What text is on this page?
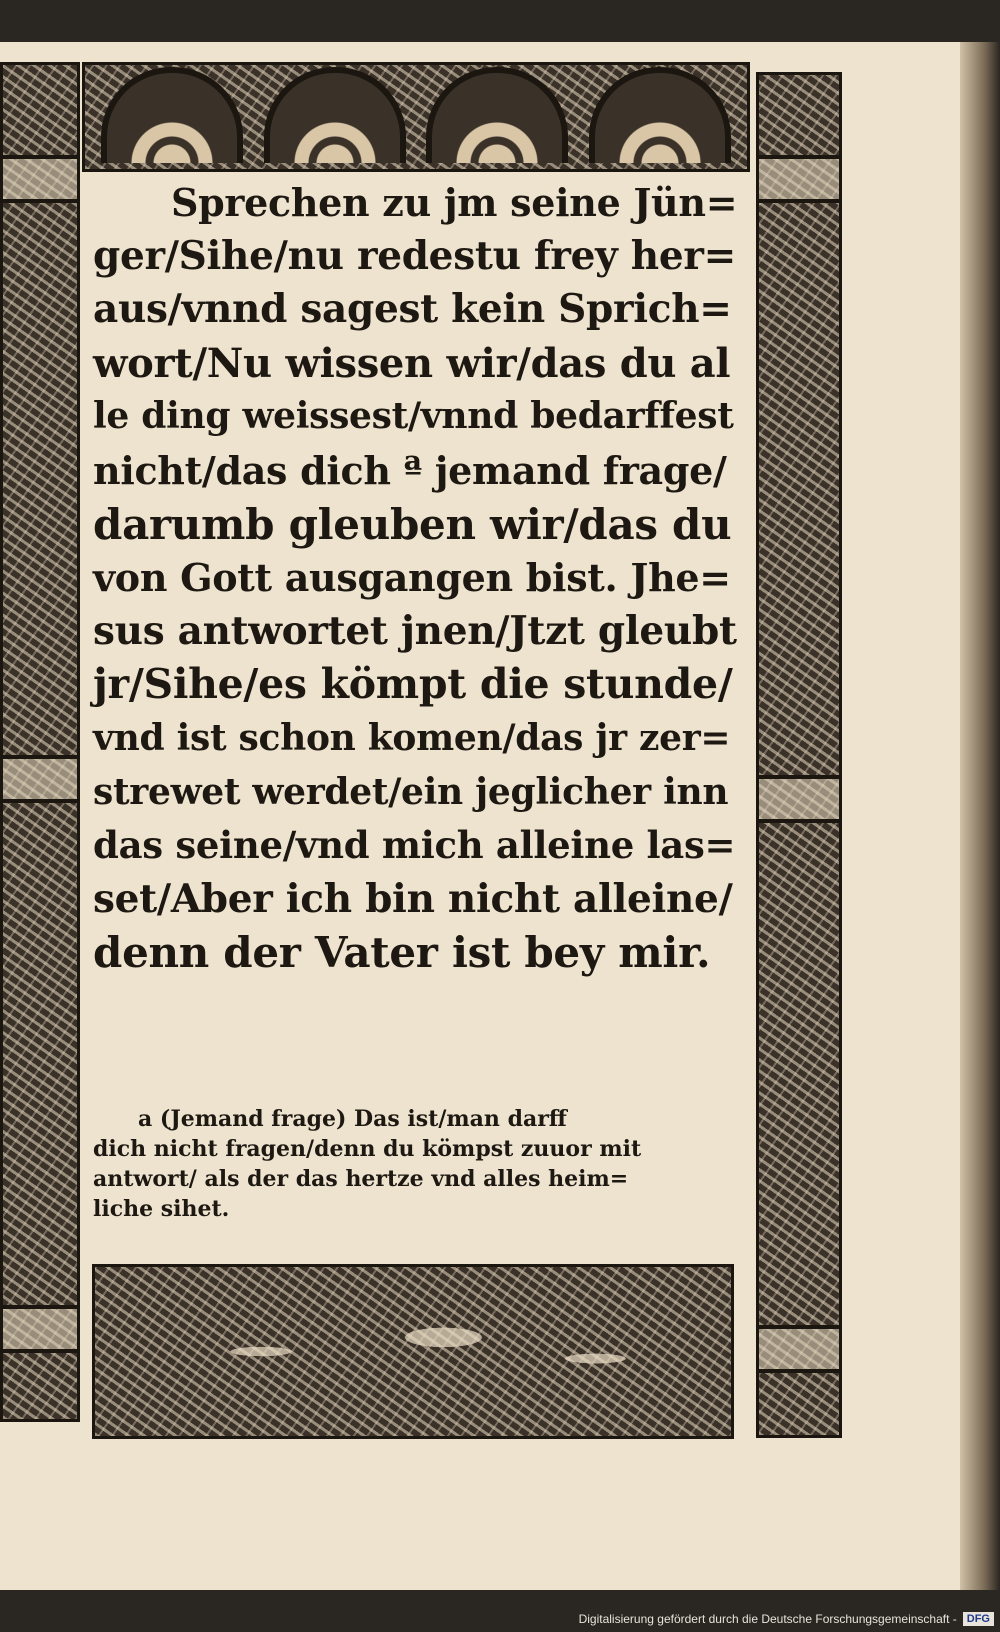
Sprechen zu jm seine Jün=
ger/Sihe/nu redestu frey her=
aus/vnnd sagest kein Sprich=
wort/Nu wissen wir/das du al
le ding weissest/vnnd bedarffest
nicht/das dich ª jemand frage/
darumb gleuben wir/das du
von Gott ausgangen bist. Jhe=
sus antwortet jnen/Jtzt gleubt
jr/Sihe/es kömpt die stunde/
vnd ist schon komen/das jr zer=
strewet werdet/ein jeglicher inn
das seine/vnd mich alleine las=
set/Aber ich bin nicht alleine/
denn der Vater ist bey mir.
a (Jemand frage) Das ist/man darff
dich nicht fragen/denn du kömpst zuuor mit
antwort/ als der das hertze vnd alles heim=
liche sihet.
Digitalisierung gefördert durch die Deutsche Forschungsgemeinschaft - DFG
